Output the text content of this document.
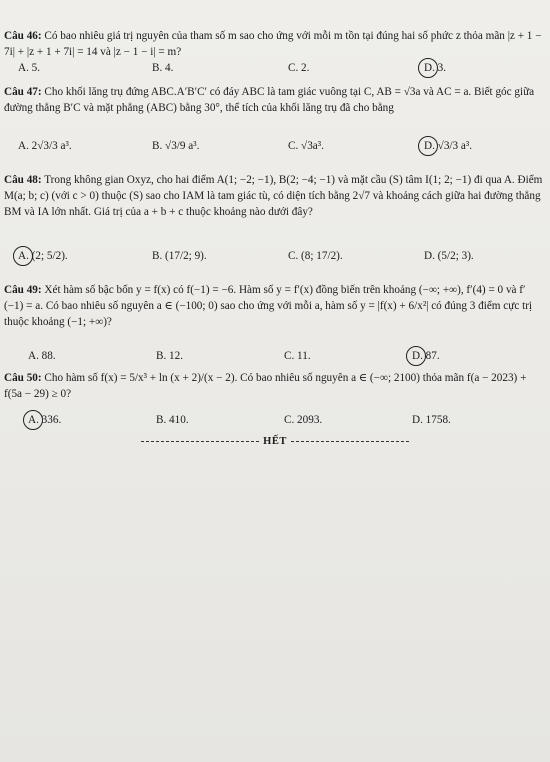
Câu 46: Có bao nhiêu giá trị nguyên của tham số m sao cho ứng với mỗi m tồn tại đúng hai số phức z thỏa mãn |z + 1 − 7i| + |z + 1 + 7i| = 14 và |z − 1 − i| = m?
A. 5.	B. 4.	C. 2.	D. 3.
Câu 47: Cho khối lăng trụ đứng ABC.A′B′C′ có đáy ABC là tam giác vuông tại C, AB = √3a và AC = a. Biết góc giữa đường thẳng B′C và mặt phẳng (ABC) bằng 30°, thể tích của khối lăng trụ đã cho bằng
A. 2√3/3 a³.	B. √3/9 a³.	C. √3a³.	D. √3/3 a³.
Câu 48: Trong không gian Oxyz, cho hai điểm A(1; −2; −1), B(2; −4; −1) và mặt cầu (S) tâm I(1; 2; −1) đi qua A. Điểm M(a; b; c) (với c > 0) thuộc (S) sao cho IAM là tam giác tù, có diện tích bằng 2√7 và khoảng cách giữa hai đường thẳng BM và IA lớn nhất. Giá trị của a + b + c thuộc khoảng nào dưới đây?
A. (2; 5/2).	B. (17/2; 9).	C. (8; 17/2).	D. (5/2; 3).
Câu 49: Xét hàm số bậc bốn y = f(x) có f(−1) = −6. Hàm số y = f′(x) đồng biến trên khoảng (−∞; +∞), f′(4) = 0 và f′(−1) = a. Có bao nhiêu số nguyên a ∈ (−100; 0) sao cho ứng với mỗi a, hàm số y = |f(x) + 6/x²| có đúng 3 điểm cực trị thuộc khoảng (−1; +∞)?
A. 88.	B. 12.	C. 11.	D. 87.
Câu 50: Cho hàm số f(x) = 5/x³ + ln (x + 2)/(x − 2). Có bao nhiêu số nguyên a ∈ (−∞; 2100) thỏa mãn f(a − 2023) + f(5a − 29) ≥ 0?
A. 336.	B. 410.	C. 2093.	D. 1758.
HẾT
